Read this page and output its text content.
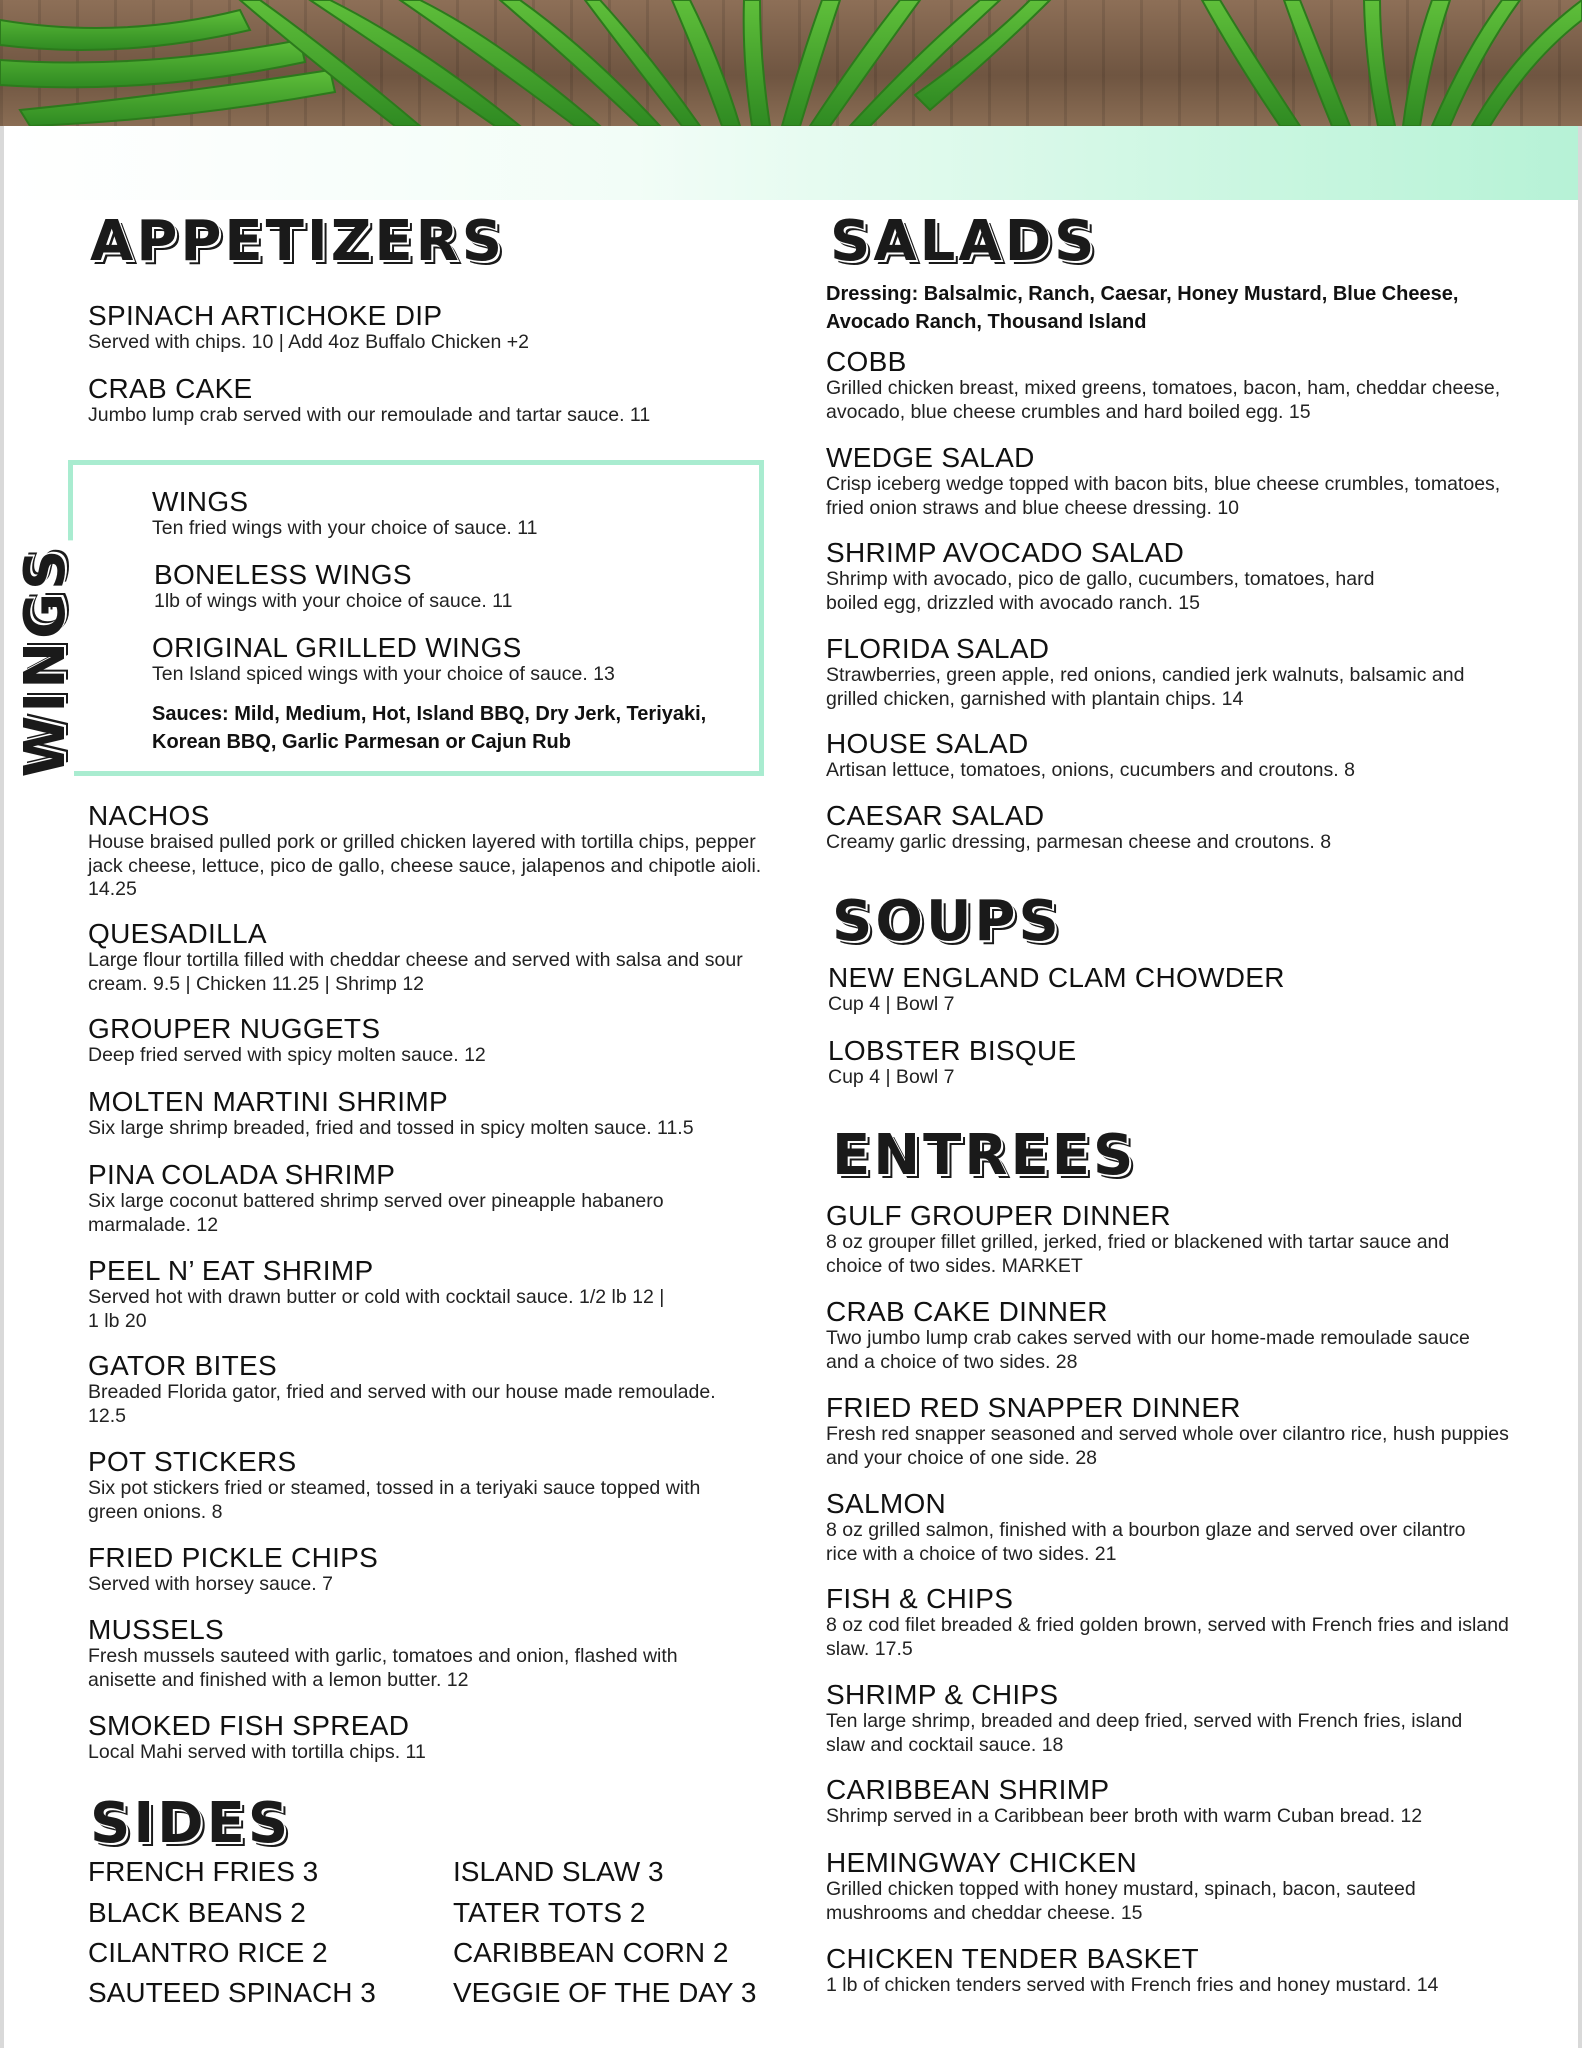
APPETIZERS
SPINACH ARTICHOKE DIP
Served with chips. 10 | Add 4oz Buffalo Chicken +2
CRAB CAKE
Jumbo lump crab served with our remoulade and tartar sauce. 11
WINGS
WINGS
Ten fried wings with your choice of sauce. 11
BONELESS WINGS
1lb of wings with your choice of sauce. 11
ORIGINAL GRILLED WINGS
Ten Island spiced wings with your choice of sauce. 13
Sauces: Mild, Medium, Hot, Island BBQ, Dry Jerk, Teriyaki, Korean BBQ, Garlic Parmesan or Cajun Rub
NACHOS
House braised pulled pork or grilled chicken layered with tortilla chips, pepper jack cheese, lettuce, pico de gallo, cheese sauce, jalapenos and chipotle aioli. 14.25
QUESADILLA
Large flour tortilla filled with cheddar cheese and served with salsa and sour cream. 9.5 | Chicken 11.25 | Shrimp 12
GROUPER NUGGETS
Deep fried served with spicy molten sauce. 12
MOLTEN MARTINI SHRIMP
Six large shrimp breaded, fried and tossed in spicy molten sauce. 11.5
PINA COLADA SHRIMP
Six large coconut battered shrimp served over pineapple habanero marmalade. 12
PEEL N’ EAT SHRIMP
Served hot with drawn butter or cold with cocktail sauce. 1/2 lb 12 | 1 lb 20
GATOR BITES
Breaded Florida gator, fried and served with our house made remoulade. 12.5
POT STICKERS
Six pot stickers fried or steamed, tossed in a teriyaki sauce topped with green onions. 8
FRIED PICKLE CHIPS
Served with horsey sauce. 7
MUSSELS
Fresh mussels sauteed with garlic, tomatoes and onion, flashed with anisette and finished with a lemon butter. 12
SMOKED FISH SPREAD
Local Mahi served with tortilla chips. 11
SIDES
FRENCH FRIES 3
BLACK BEANS 2
CILANTRO RICE 2
SAUTEED SPINACH 3
ISLAND SLAW 3
TATER TOTS 2
CARIBBEAN CORN 2
VEGGIE OF THE DAY 3
SALADS
Dressing: Balsalmic, Ranch, Caesar, Honey Mustard, Blue Cheese, Avocado Ranch, Thousand Island
COBB
Grilled chicken breast, mixed greens, tomatoes, bacon, ham, cheddar cheese, avocado, blue cheese crumbles and hard boiled egg. 15
WEDGE SALAD
Crisp iceberg wedge topped with bacon bits, blue cheese crumbles, tomatoes, fried onion straws and blue cheese dressing. 10
SHRIMP AVOCADO SALAD
Shrimp with avocado, pico de gallo, cucumbers, tomatoes, hard boiled egg, drizzled with avocado ranch. 15
FLORIDA SALAD
Strawberries, green apple, red onions, candied jerk walnuts, balsamic and grilled chicken, garnished with plantain chips. 14
HOUSE SALAD
Artisan lettuce, tomatoes, onions, cucumbers and croutons. 8
CAESAR SALAD
Creamy garlic dressing, parmesan cheese and croutons. 8
SOUPS
NEW ENGLAND CLAM CHOWDER
Cup 4 | Bowl 7
LOBSTER BISQUE
Cup 4 | Bowl 7
ENTREES
GULF GROUPER DINNER
8 oz grouper fillet grilled, jerked, fried or blackened with tartar sauce and choice of two sides. MARKET
CRAB CAKE DINNER
Two jumbo lump crab cakes served with our home-made remoulade sauce and a choice of two sides. 28
FRIED RED SNAPPER DINNER
Fresh red snapper seasoned and served whole over cilantro rice, hush puppies and your choice of one side. 28
SALMON
8 oz grilled salmon, finished with a bourbon glaze and served over cilantro rice with a choice of two sides. 21
FISH & CHIPS
8 oz cod filet breaded & fried golden brown, served with French fries and island slaw. 17.5
SHRIMP & CHIPS
Ten large shrimp, breaded and deep fried, served with French fries, island slaw and cocktail sauce. 18
CARIBBEAN SHRIMP
Shrimp served in a Caribbean beer broth with warm Cuban bread. 12
HEMINGWAY CHICKEN
Grilled chicken topped with honey mustard, spinach, bacon, sauteed mushrooms and cheddar cheese. 15
CHICKEN TENDER BASKET
1 lb of chicken tenders served with French fries and honey mustard. 14
